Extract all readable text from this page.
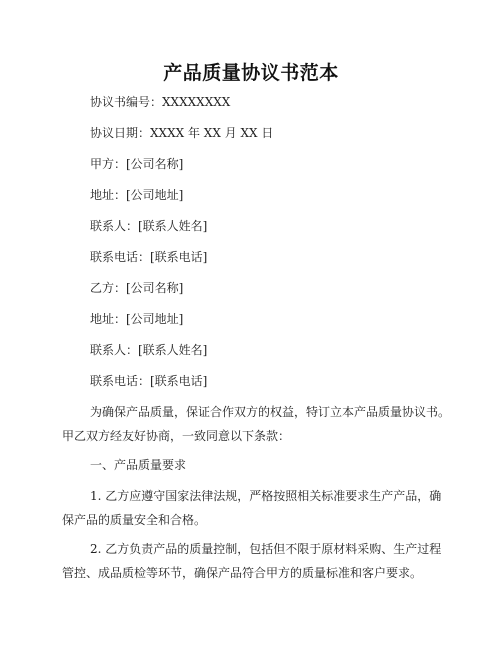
产品质量协议书范本
协议书编号：XXXXXXXX
协议日期：XXXX 年 XX 月 XX 日
甲方：[公司名称]
地址：[公司地址]
联系人：[联系人姓名]
联系电话：[联系电话]
乙方：[公司名称]
地址：[公司地址]
联系人：[联系人姓名]
联系电话：[联系电话]
为确保产品质量，保证合作双方的权益，特订立本产品质量协议书。
甲乙双方经友好协商，一致同意以下条款：
一、产品质量要求
1. 乙方应遵守国家法律法规，严格按照相关标准要求生产产品，确
保产品的质量安全和合格。
2. 乙方负责产品的质量控制，包括但不限于原材料采购、生产过程
管控、成品质检等环节，确保产品符合甲方的质量标准和客户要求。
